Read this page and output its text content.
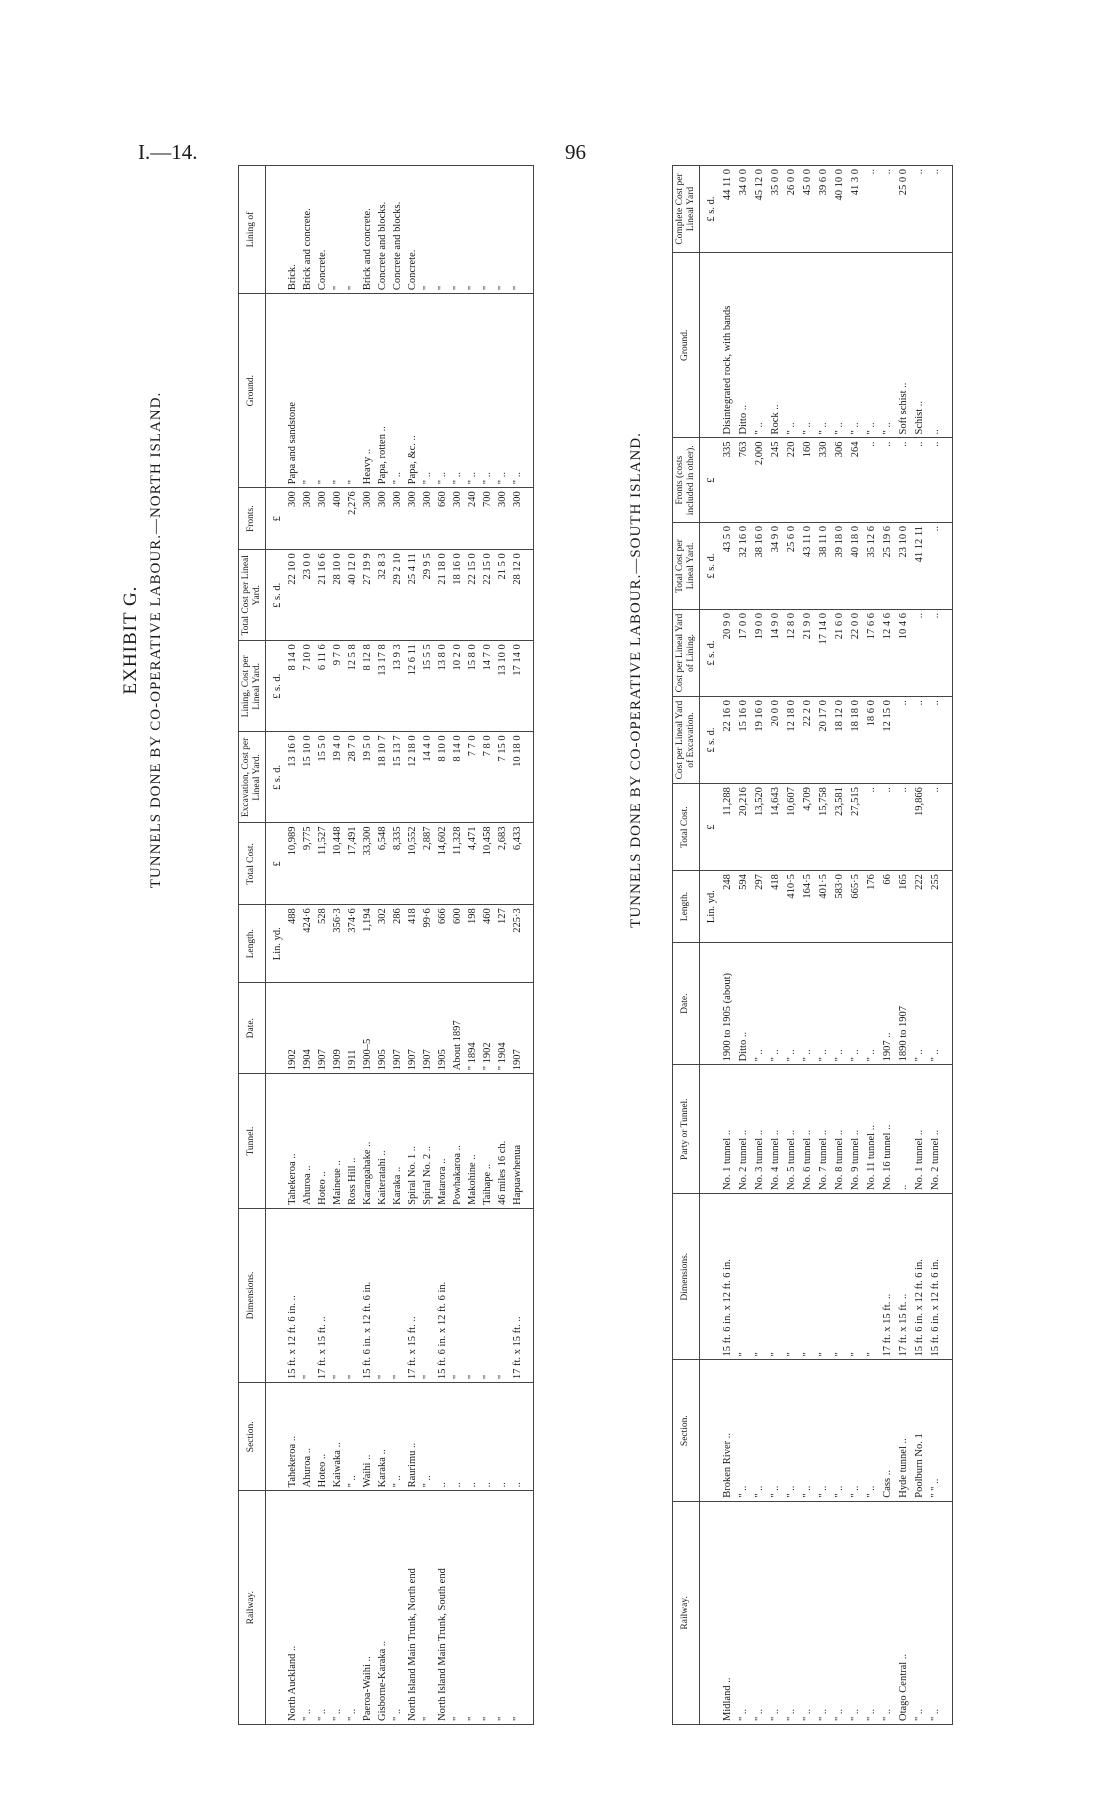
I.—14.	96
EXHIBIT G. TUNNELS DONE BY CO-OPERATIVE LABOUR.—NORTH ISLAND.
Railway.	Section.	Dimensions.	Tunnel.	Date.	Length.	Total Cost.	Excavation, Cost per Lineal Yard.	Lining, Cost per Lineal Yard.	Total Cost per Lineal Yard.	Fronts.	Ground.	Lining of
					Lin. yd.	£	£ s. d.	£ s. d.	£ s. d.	£		
North Auckland ..	Tahekeroa ..	15 ft. x 12 ft. 6 in. ..	Tahekeroa ..	1902	488	10,989	13 16 0	8 14 0	22 10 0	300	Papa and sandstone	Brick.
" ..	Ahuroa ..	"	Ahuroa ..	1904	424·6	9,775	15 10 0	7 10 0	23 0 0	300	"	Brick and concrete.
" ..	Hoteo ..	17 ft. x 15 ft. ..	Hoteo ..	1907	528	11,527	15 5 0	6 11 6	21 16 6	300	"	Concrete.
" ..	Kaiwaka ..	"	Maineue ..	1909	356·3	10,448	19 4 0	9 7 0	28 10 0	400	"	"
" ..	" ..	"	Ross Hill ..	1911	374·6	17,491	28 7 0	12 5 8	40 12 0	2,276	"	"
Paeroa-Waihi ..	Waihi ..	15 ft. 6 in. x 12 ft. 6 in.	Karangahake ..	1900–5	1,194	33,300	19 5 0	8 12 8	27 19 9	300	Heavy ..	Brick and concrete.
Gisborne-Karaka ..	Karaka ..	"	Kaiteratahi ..	1905	302	6,548	18 10 7	13 17 8	32 8 3	300	Papa, rotten ..	Concrete and blocks.
" ..	" ..	"	Karaka ..	1907	286	8,335	15 13 7	13 9 3	29 2 10	300	" ..	Concrete and blocks.
North Island Main Trunk, North end	Raurimu ..	17 ft. x 15 ft. ..	Spiral No. 1 ..	1907	418	10,552	12 18 0	12 6 11	25 4 11	300	Papa, &c. ..	Concrete.
"	" ..	"	Spiral No. 2 ..	1907	99·6	2,887	14 4 0	15 5 5	29 9 5	300	" ..	"
North Island Main Trunk, South end	..	15 ft. 6 in. x 12 ft. 6 in.	Matarora ..	1905	666	14,602	8 10 0	13 8 0	21 18 0	660	" ..	"
"	..	"	Powhakaroa ..	About 1897	600	11,328	8 14 0	10 2 0	18 16 0	300	" ..	"
"	..	"	Makohine ..	" 1894	198	4,471	7 7 0	15 8 0	22 15 0	240	" ..	"
"	..	"	Taihape ..	" 1902	460	10,458	7 8 0	14 7 0	22 15 0	700	" ..	"
"	..	"	46 miles 16 ch.	" 1904	127	2,683	7 15 0	13 10 0	21 5 0	300	" ..	"
"	..	17 ft. x 15 ft. ..	Hapuawhenua	1907	225·3	6,433	10 18 0	17 14 0	28 12 0	300	" ..	"
TUNNELS DONE BY CO-OPERATIVE LABOUR.—SOUTH ISLAND.
Railway.	Section.	Dimensions.	Party or Tunnel.	Date.	Length.	Total Cost.	Cost per Lineal Yard of Excavation.	Cost per Lineal Yard of Lining.	Total Cost per Lineal Yard.	Fronts (costs included in other).	Ground.	Complete Cost per Lineal Yard
					Lin. yd.	£	£ s. d.	£ s. d.	£ s. d.	£		£ s. d.
Midland ..	Broken River ..	15 ft. 6 in. x 12 ft. 6 in.	No. 1 tunnel ..	1900 to 1905 (about)	248	11,288	22 16 0	20 9 0	43 5 0	335	Disintegrated rock, with bands	44 11 0
" ..	" ..	"	No. 2 tunnel ..	Ditto ..	594	20,216	15 16 0	17 0 0	32 16 0	763	Ditto ..	34 0 0
" ..	" ..	"	No. 3 tunnel ..	" ..	297	13,520	19 16 0	19 0 0	38 16 0	2,000	" ..	45 12 0
" ..	" ..	"	No. 4 tunnel ..	" ..	418	14,643	20 0 0	14 9 0	34 9 0	245	Rock ..	35 0 0
" ..	" ..	"	No. 5 tunnel ..	" ..	410·5	10,607	12 18 0	12 8 0	25 6 0	220	" ..	26 0 0
" ..	" ..	"	No. 6 tunnel ..	" ..	164·5	4,709	22 2 0	21 9 0	43 11 0	160	" ..	45 0 0
" ..	" ..	"	No. 7 tunnel ..	" ..	401·5	15,758	20 17 0	17 14 0	38 11 0	330	" ..	39 6 0
" ..	" ..	"	No. 8 tunnel ..	" ..	583·0	23,581	18 12 0	21 6 0	39 18 0	306	" ..	40 10 0
" ..	" ..	"	No. 9 tunnel ..	" ..	665·5	27,515	18 18 0	22 0 0	40 18 0	264	" ..	41 3 0
" ..	" ..	"	No. 11 tunnel ..	" ..	176	..	18 6 0	17 6 6	35 12 6	..	" ..	..
" ..	Cass ..	17 ft. x 15 ft. ..	No. 16 tunnel ..	1907 ..	66	..	12 15 0	12 4 6	25 19 6	..	" ..	..
Otago Central ..	Hyde tunnel ..	17 ft. x 15 ft. ..	..	1890 to 1907	165	..	..	10 4 6	23 10 0	..	Soft schist ..	25 0 0
" ..	Poolburn No. 1	15 ft. 6 in. x 12 ft. 6 in.	No. 1 tunnel ..	" ..	222	19,866	..	..	41 12 11	..	Schist ..	..
" ..	" " ..	15 ft. 6 in. x 12 ft. 6 in.	No. 2 tunnel ..	" ..	255	..	..	..	..	..	..	..
